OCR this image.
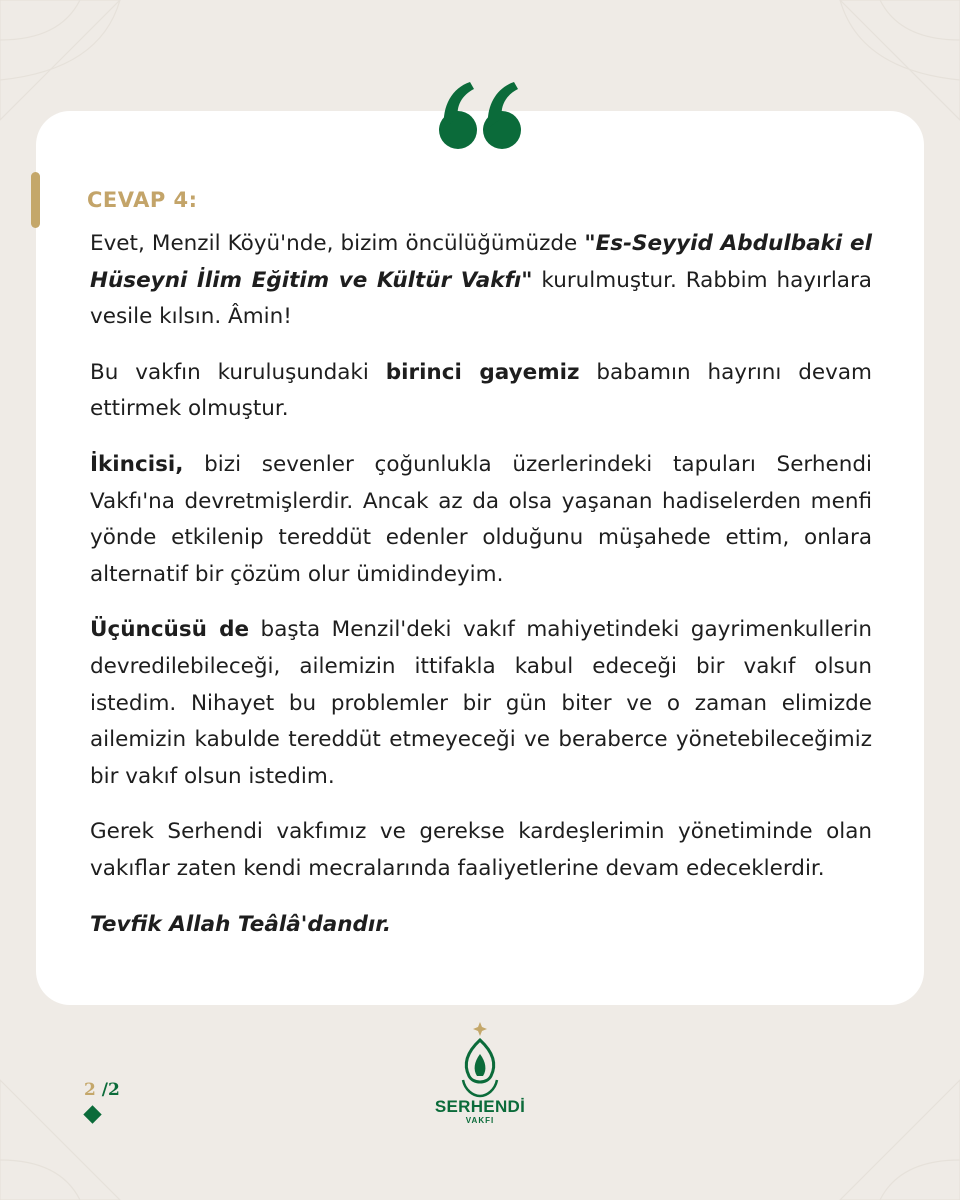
CEVAP 4:

Evet, Menzil Köyü'nde, bizim öncülüğümüzde "Es-Seyyid Abdulbaki el Hüseyni İlim Eğitim ve Kültür Vakfı" kurulmuştur. Rabbim hayırlara vesile kılsın. Âmin!

Bu vakfın kuruluşundaki birinci gayemiz babamın hayrını devam ettirmek olmuştur.

İkincisi, bizi sevenler çoğunlukla üzerlerindeki tapuları Serhendi Vakfı'na devretmişlerdir. Ancak az da olsa yaşanan hadiselerden menfi yönde etkilenip tereddüt edenler olduğunu müşahede ettim, onlara alternatif bir çözüm olur ümidindeyim.

Üçüncüsü de başta Menzil'deki vakıf mahiyetindeki gayrimenkullerin devredilebileceği, ailemizin ittifakla kabul edeceği bir vakıf olsun istedim. Nihayet bu problemler bir gün biter ve o zaman elimizde ailemizin kabulde tereddüt etmeyeceği ve beraberce yönetebileceğimiz bir vakıf olsun istedim.

Gerek Serhendi vakfımız ve gerekse kardeşlerimin yönetiminde olan vakıflar zaten kendi mecralarında faaliyetlerine devam edeceklerdir.

Tevfik Allah Teâlâ'dandır.

2 /2
SERHENDİ
VAKFI
